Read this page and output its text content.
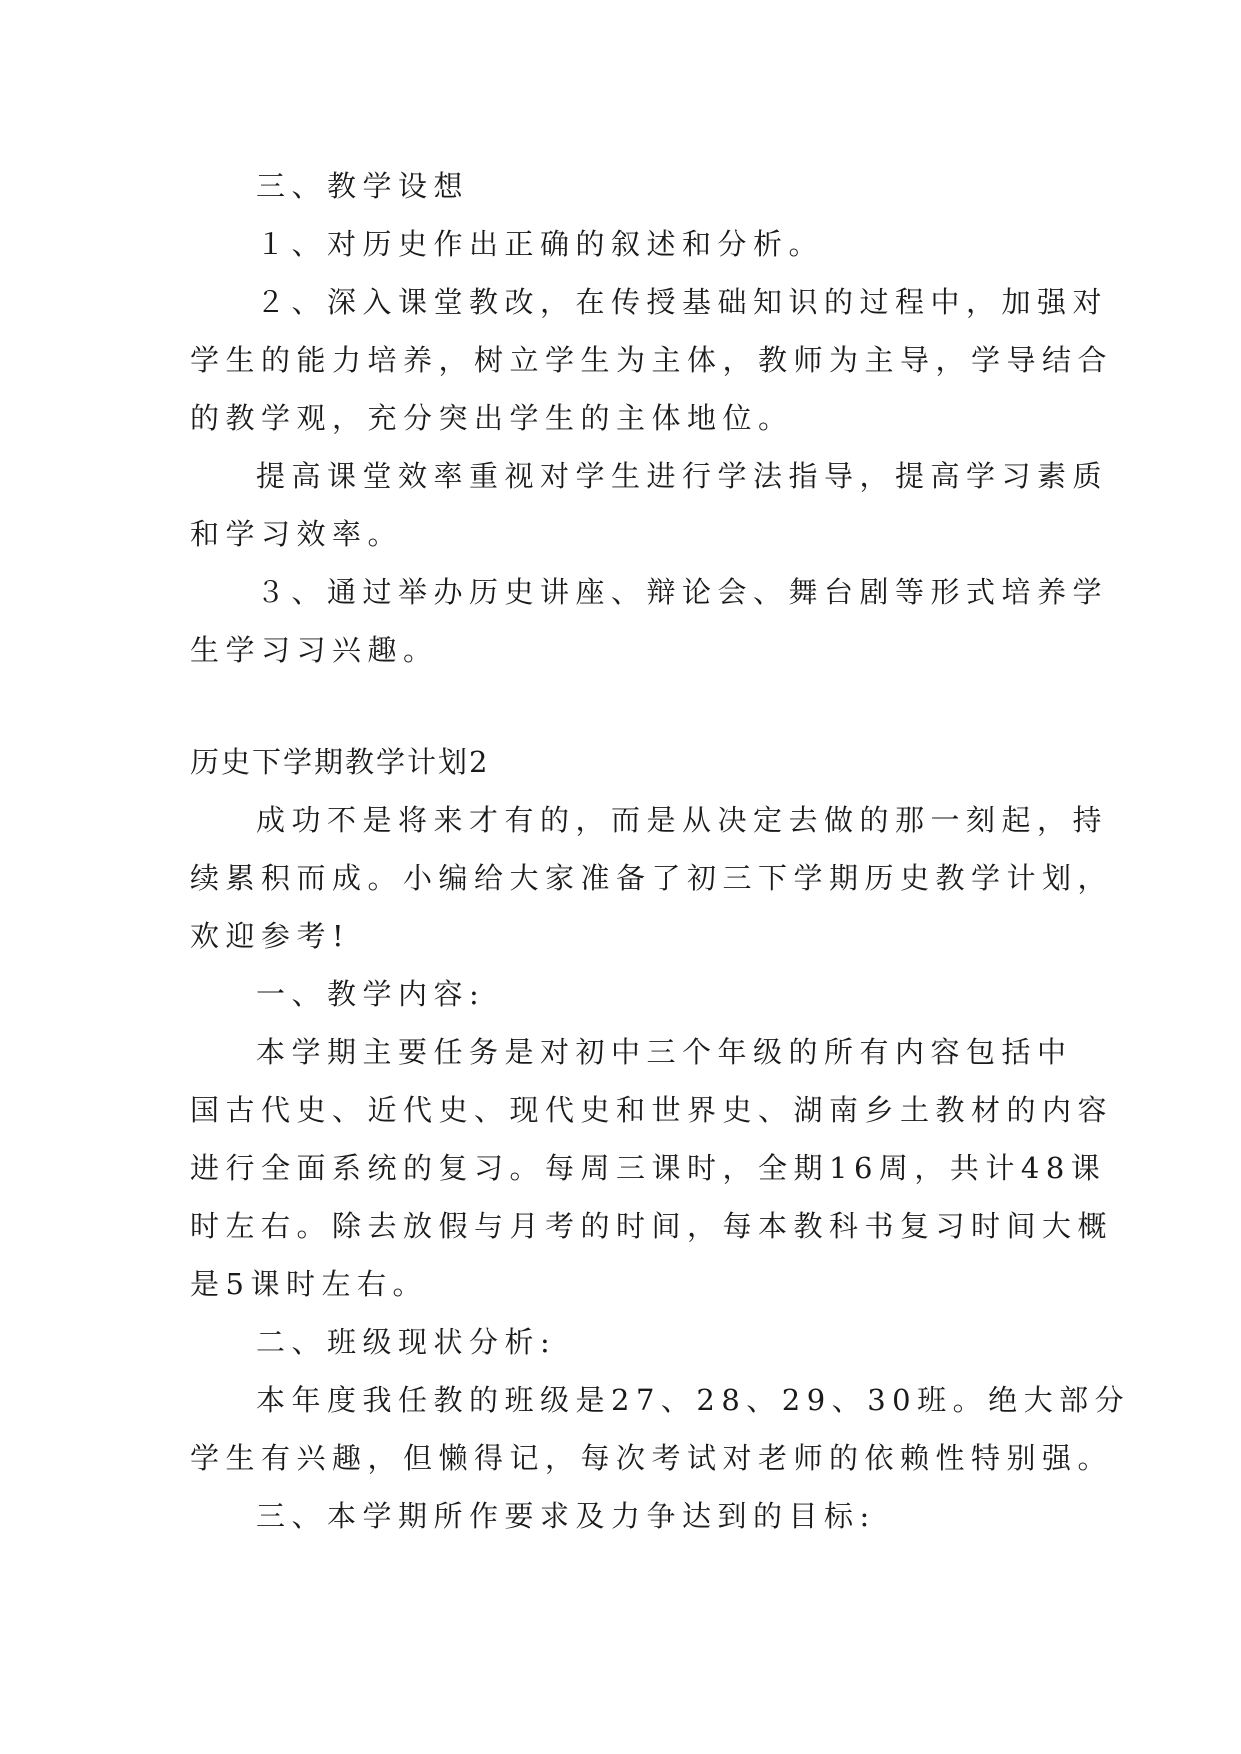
三、教学设想
１、对历史作出正确的叙述和分析。
２、深入课堂教改，在传授基础知识的过程中，加强对
学生的能力培养，树立学生为主体，教师为主导，学导结合
的教学观，充分突出学生的主体地位。
提高课堂效率重视对学生进行学法指导，提高学习素质
和学习效率。
３、通过举办历史讲座、辩论会、舞台剧等形式培养学
生学习习兴趣。
历史下学期教学计划2
成功不是将来才有的，而是从决定去做的那一刻起，持
续累积而成。小编给大家准备了初三下学期历史教学计划，
欢迎参考!
一、教学内容:
本学期主要任务是对初中三个年级的所有内容包括中
国古代史、近代史、现代史和世界史、湖南乡土教材的内容
进行全面系统的复习。每周三课时，全期16周，共计48课
时左右。除去放假与月考的时间，每本教科书复习时间大概
是5课时左右。
二、班级现状分析:
本年度我任教的班级是27、28、29、30班。绝大部分
学生有兴趣，但懒得记，每次考试对老师的依赖性特别强。
三、本学期所作要求及力争达到的目标:
